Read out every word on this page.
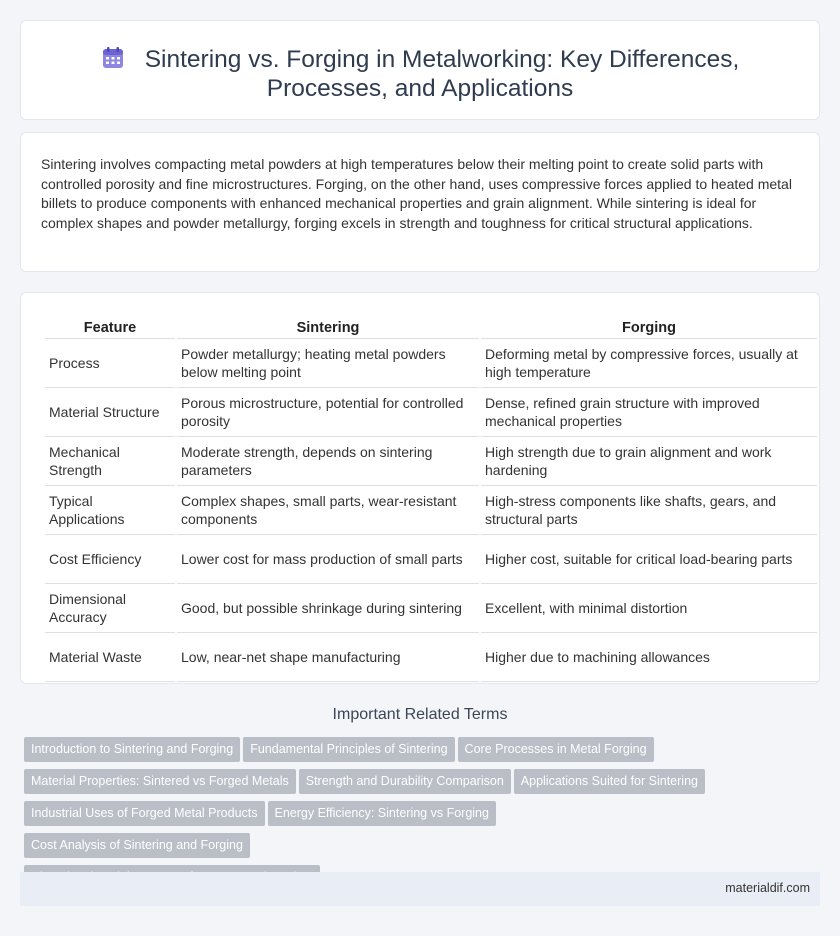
Sintering vs. Forging in Metalworking: Key Differences, Processes, and Applications

Sintering involves compacting metal powders at high temperatures below their melting point to create solid parts with controlled porosity and fine microstructures. Forging, on the other hand, uses compressive forces applied to heated metal billets to produce components with enhanced mechanical properties and grain alignment. While sintering is ideal for complex shapes and powder metallurgy, forging excels in strength and toughness for critical structural applications.

Feature	Sintering	Forging
Process	Powder metallurgy; heating metal powders below melting point	Deforming metal by compressive forces, usually at high temperature
Material Structure	Porous microstructure, potential for controlled porosity	Dense, refined grain structure with improved mechanical properties
Mechanical Strength	Moderate strength, depends on sintering parameters	High strength due to grain alignment and work hardening
Typical Applications	Complex shapes, small parts, wear-resistant components	High-stress components like shafts, gears, and structural parts
Cost Efficiency	Lower cost for mass production of small parts	Higher cost, suitable for critical load-bearing parts
Dimensional Accuracy	Good, but possible shrinkage during sintering	Excellent, with minimal distortion
Material Waste	Low, near-net shape manufacturing	Higher due to machining allowances
Important Related Terms
Introduction to Sintering and Forging Fundamental Principles of Sintering Core Processes in Metal Forging
Material Properties: Sintered vs Forged Metals Strength and Durability Comparison Applications Suited for Sintering
Industrial Uses of Forged Metal Products Energy Efficiency: Sintering vs ForgingCost Analysis of Sintering and Forging

materialdif.com
